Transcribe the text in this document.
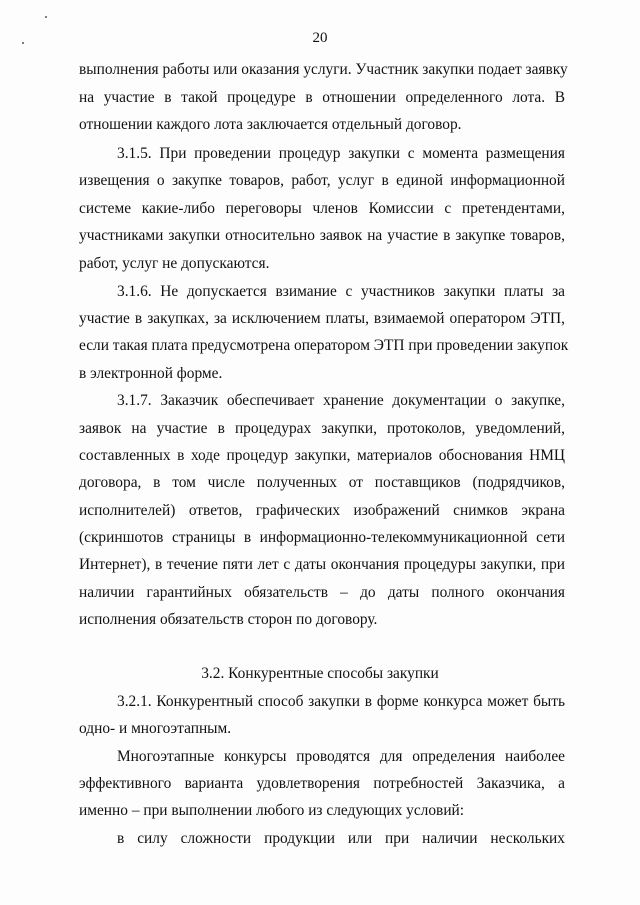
20
выполнения работы или оказания услуги. Участник закупки подает заявку
на участие в такой процедуре в отношении определенного лота. В
отношении каждого лота заключается отдельный договор.
3.1.5. При проведении процедур закупки с момента размещения
извещения о закупке товаров, работ, услуг в единой информационной
системе какие-либо переговоры членов Комиссии с претендентами,
участниками закупки относительно заявок на участие в закупке товаров,
работ, услуг не допускаются.
3.1.6. Не допускается взимание с участников закупки платы за
участие в закупках, за исключением платы, взимаемой оператором ЭТП,
если такая плата предусмотрена оператором ЭТП при проведении закупок
в электронной форме.
3.1.7. Заказчик обеспечивает хранение документации о закупке,
заявок на участие в процедурах закупки, протоколов, уведомлений,
составленных в ходе процедур закупки, материалов обоснования НМЦ
договора, в том числе полученных от поставщиков (подрядчиков,
исполнителей) ответов, графических изображений снимков экрана
(скриншотов страницы в информационно-телекоммуникационной сети
Интернет), в течение пяти лет с даты окончания процедуры закупки, при
наличии гарантийных обязательств – до даты полного окончания
исполнения обязательств сторон по договору.
3.2. Конкурентные способы закупки
3.2.1. Конкурентный способ закупки в форме конкурса может быть
одно- и многоэтапным.
Многоэтапные конкурсы проводятся для определения наиболее
эффективного варианта удовлетворения потребностей Заказчика, а
именно – при выполнении любого из следующих условий:
в силу сложности продукции или при наличии нескольких
